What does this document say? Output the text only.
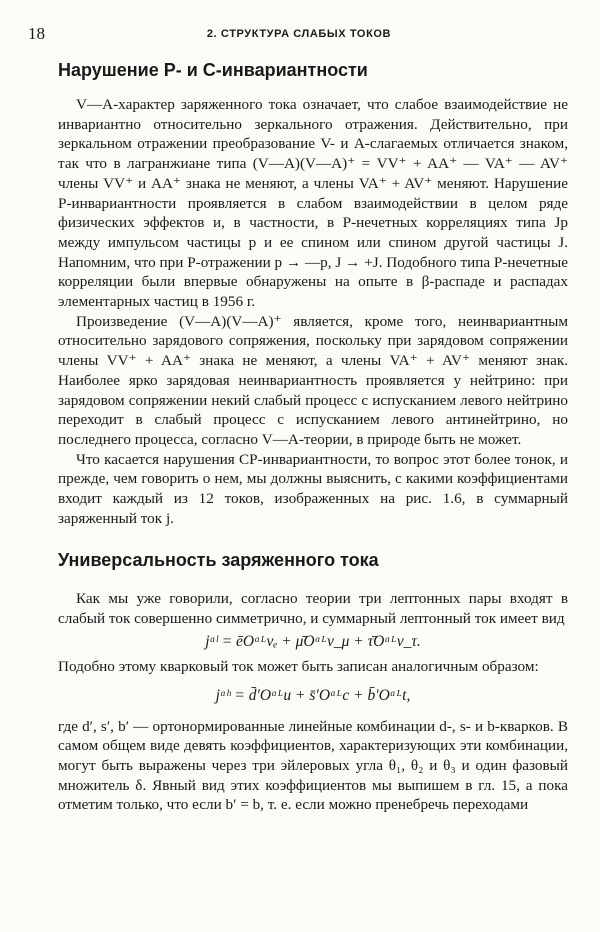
18	2. СТРУКТУРА СЛАБЫХ ТОКОВ
Нарушение P- и C-инвариантности

V—A-характер заряженного тока означает, что слабое взаимодействие не инвариантно относительно зеркального отражения. Действительно, при зеркальном отражении преобразование V- и A-слагаемых отличается знаком, так что в лагранжиане типа (V—A)(V—A)⁺ = VV⁺ + AA⁺ — VA⁺ — AV⁺ члены VV⁺ и AA⁺ знака не меняют, а члены VA⁺ + AV⁺ меняют. Нарушение P-инвариантности проявляется в слабом взаимодействии в целом ряде физических эффектов и, в частности, в P-нечетных корреляциях типа Jp между импульсом частицы p и ее спином или спином другой частицы J. Напомним, что при P-отражении p → —p, J → +J. Подобного типа P-нечетные корреляции были впервые обнаружены на опыте в β-распаде и распадах элементарных частиц в 1956 г.

Произведение (V—A)(V—A)⁺ является, кроме того, неинвариантным относительно зарядового сопряжения, поскольку при зарядовом сопряжении члены VV⁺ + AA⁺ знака не меняют, а члены VA⁺ + AV⁺ меняют знак. Наиболее ярко зарядовая неинвариантность проявляется у нейтрино: при зарядовом сопряжении некий слабый процесс с испусканием левого нейтрино переходит в слабый процесс с испусканием левого антинейтрино, но последнего процесса, согласно V—A-теории, в природе быть не может.

Что касается нарушения CP-инвариантности, то вопрос этот более тонок, и прежде, чем говорить о нем, мы должны выяснить, с какими коэффициентами входит каждый из 12 токов, изображенных на рис. 1.6, в суммарный заряженный ток j.

Универсальность заряженного тока

Как мы уже говорили, согласно теории три лептонных пары входят в слабый ток совершенно симметрично, и суммарный лептонный ток имеет вид

jᵅˡ = ēOᵅᴸνₑ + μ̄Oᵅᴸν_μ + τ̄Oᵅᴸν_τ.

Подобно этому кварковый ток может быть записан аналогичным образом:

jᵅʰ = d̄′Oᵅᴸu + s̄′Oᵅᴸc + b̄′Oᵅᴸt,

где d′, s′, b′ — ортонормированные линейные комбинации d-, s- и b-кварков. В самом общем виде девять коэффициентов, характеризующих эти комбинации, могут быть выражены через три эйлеровых угла θ₁, θ₂ и θ₃ и один фазовый множитель δ. Явный вид этих коэффициентов мы выпишем в гл. 15, а пока отметим только, что если b′ = b, т. е. если можно пренебречь переходами
